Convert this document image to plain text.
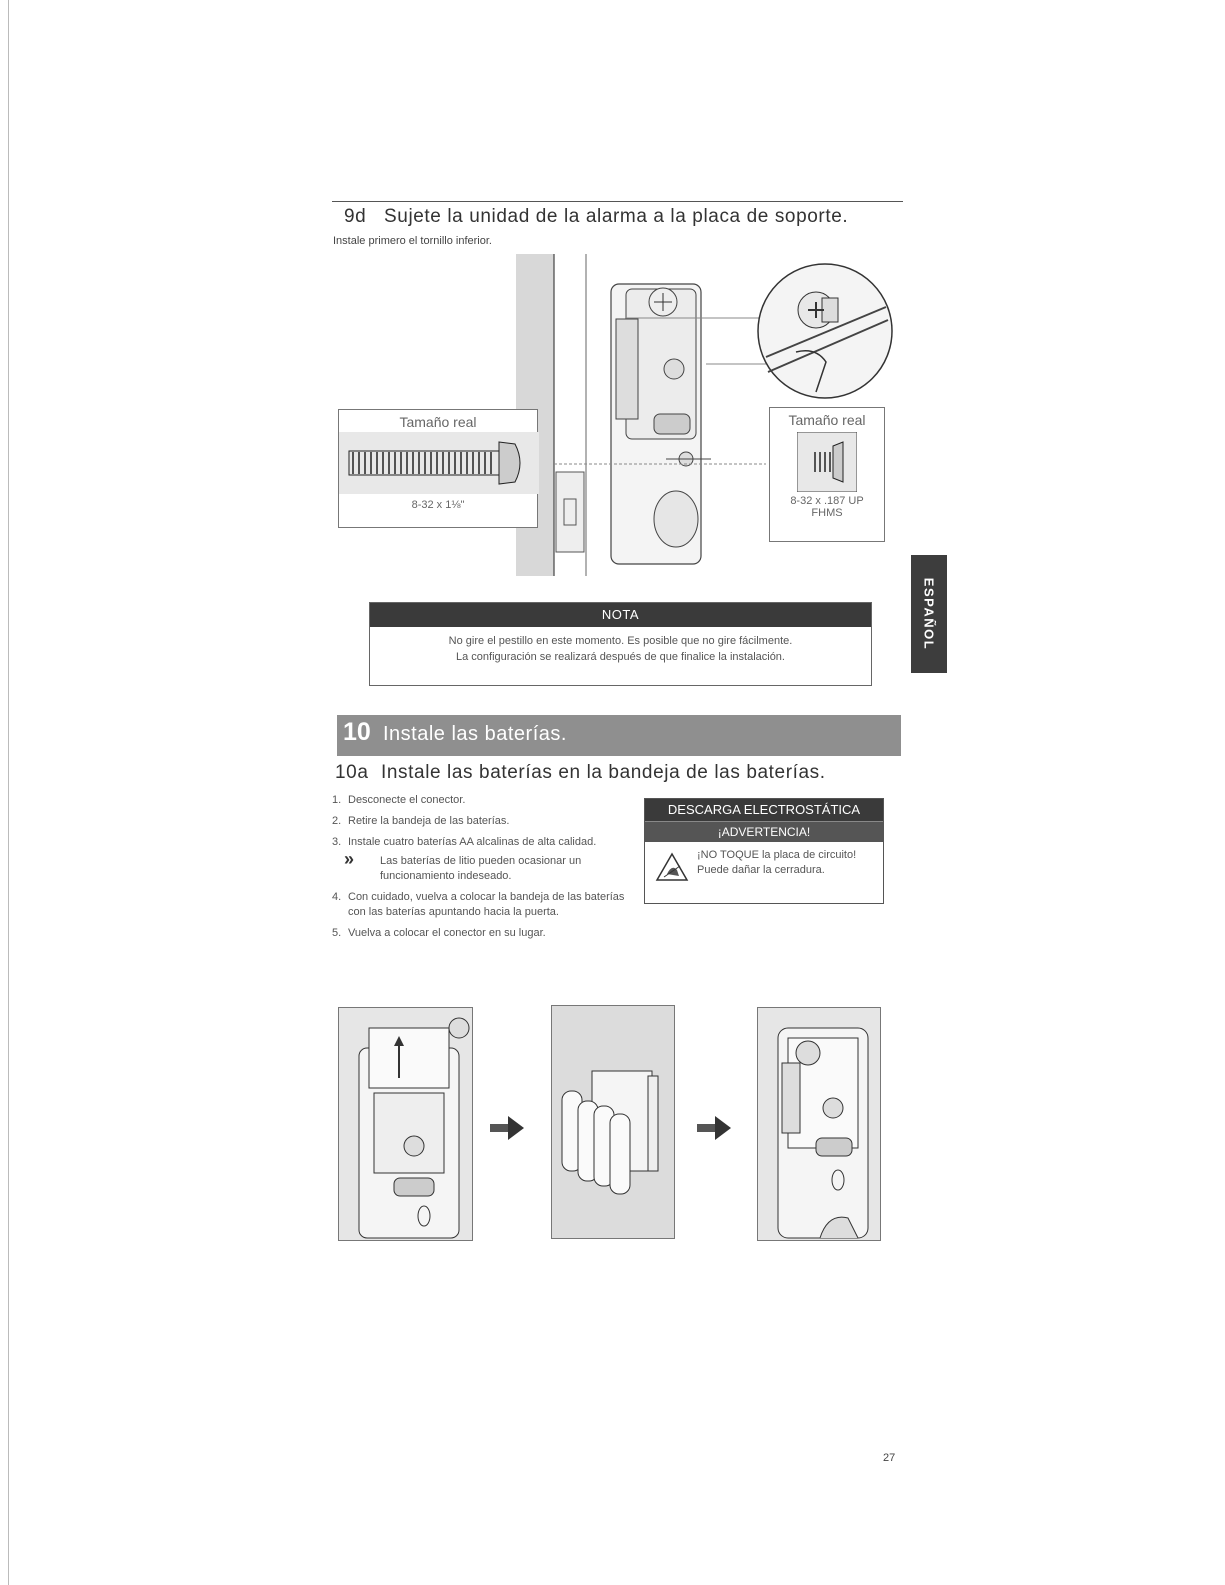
9d Sujete la unidad de la alarma a la placa de soporte.
Instale primero el tornillo inferior.
Tamaño real
8-32 x 1⅛"
Tamaño real
8-32 x .187 UP
FHMS
NOTA
No gire el pestillo en este momento. Es posible que no gire fácilmente.
La configuración se realizará después de que finalice la instalación.
ESPAÑOL
10 Instale las baterías.
10a Instale las baterías en la bandeja de las baterías.
1. Desconecte el conector.
2. Retire la bandeja de las baterías.
3. Instale cuatro baterías AA alcalinas de alta calidad.
» Las baterías de litio pueden ocasionar un funcionamiento indeseado.
4. Con cuidado, vuelva a colocar la bandeja de las baterías con las baterías apuntando hacia la puerta.
5. Vuelva a colocar el conector en su lugar.
DESCARGA ELECTROSTÁTICA
¡ADVERTENCIA!
¡NO TOQUE la placa de circuito! Puede dañar la cerradura.
27
